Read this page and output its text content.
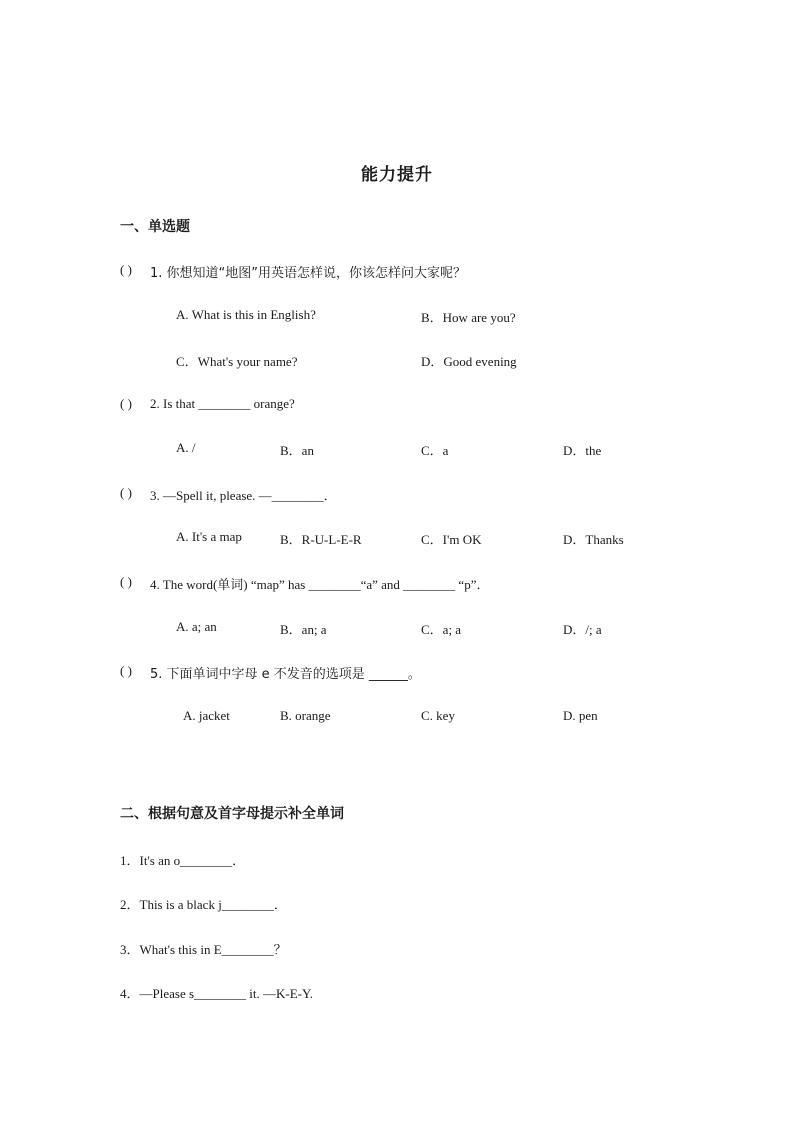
能力提升
一、单选题
( ) 1. 你想知道“地图”用英语怎样说，你该怎样问大家呢？
A. What is this in English?	B．How are you?
C．What's your name?	D．Good evening
( ) 2. Is that ________ orange?
A. /	B．an	C．a	D．the
( ) 3. —Spell it, please. —________．
A. It's a map	B．R-U-L-E-R	C．I'm OK	D．Thanks
( ) 4. The word(单词) “map” has ________“a” and ________ “p”．
A. a; an	B．an; a	C．a; a	D．/; a
( ) 5. 下面单词中字母 e 不发音的选项是 ______。
A. jacket	B. orange	C. key	D. pen
二、根据句意及首字母提示补全单词
1．It's an o________．
2．This is a black j________．
3．What's this in E________？
4．—Please s________ it. —K-E-Y.
